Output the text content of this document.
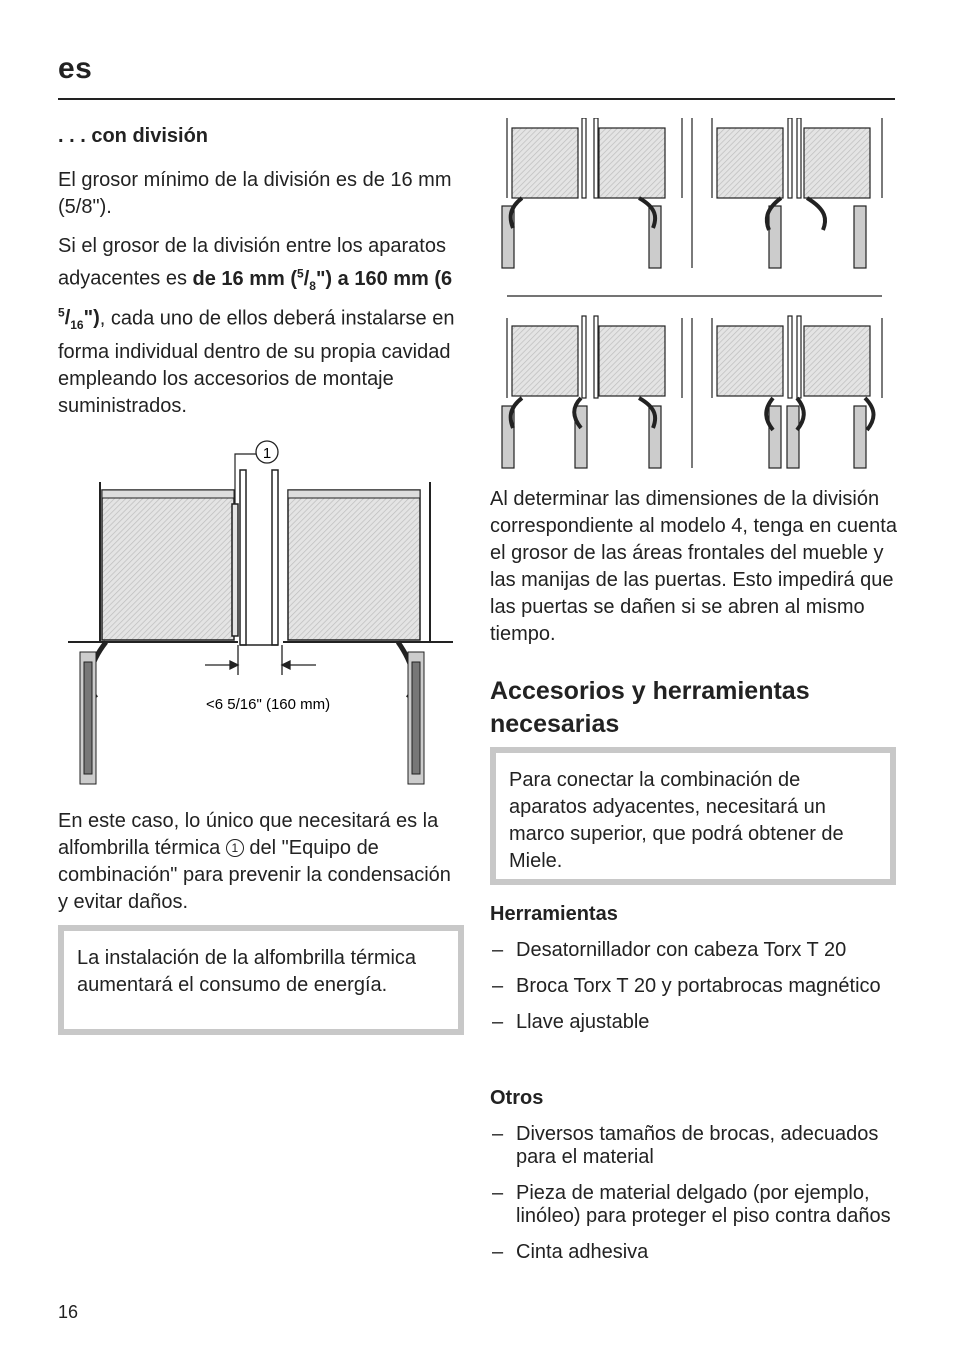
es
. . . con división

El grosor mínimo de la división es de 16 mm (5/8").

Si el grosor de la división entre los aparatos adyacentes es de 16 mm $(^5/_8")$ a 160 mm (6 $^5/_{16}$"), cada uno de ellos deberá instalarse en forma individual dentro de su propia cavidad empleando los accesorios de montaje suministrados.

1
<6 5/16" (160 mm)

En este caso, lo único que necesitará es la alfombrilla térmica 1 del "Equipo de combinación" para prevenir la condensación y evitar daños.

La instalación de la alfombrilla térmica aumentará el consumo de energía.

Al determinar las dimensiones de la división correspondiente al modelo 4, tenga en cuenta el grosor de las áreas frontales del mueble y las manijas de las puertas. Esto impedirá que las puertas se dañen si se abren al mismo tiempo.

Accesorios y herramientas necesarias
Para conectar la combinación de aparatos adyacentes, necesitará un marco superior, que podrá obtener de Miele.
Herramientas
– Desatornillador con cabeza Torx T 20
– Broca Torx T 20 y portabrocas magnético
– Llave ajustable
Otros
– Diversos tamaños de brocas, adecuados para el material
– Pieza de material delgado (por ejemplo, linóleo) para proteger el piso contra daños
– Cinta adhesiva
16
